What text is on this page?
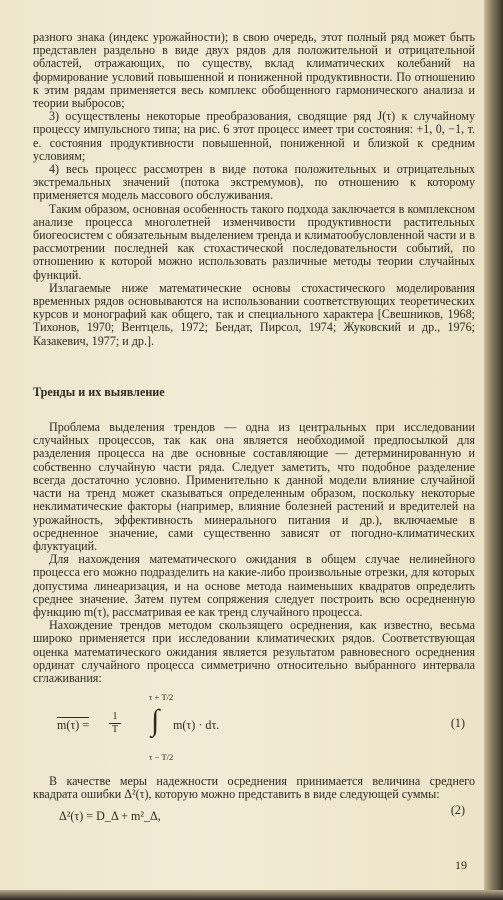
разного знака (индекс урожайности); в свою очередь, этот полный ряд может быть представлен раздельно в виде двух рядов для положительной и отрицательной областей, отражающих, по существу, вклад климатических колебаний на формирование условий повышенной и пониженной продуктивности. По отношению к этим рядам применяется весь комплекс обобщенного гармонического анализа и теории выбросов;

3) осуществлены некоторые преобразования, сводящие ряд J(τ) к случайному процессу импульсного типа; на рис. 6 этот процесс имеет три состояния: +1, 0, −1, т. е. состояния продуктивности повышенной, пониженной и близкой к средним условиям;

4) весь процесс рассмотрен в виде потока положительных и отрицательных экстремальных значений (потока экстремумов), по отношению к которому применяется модель массового обслуживания.

Таким образом, основная особенность такого подхода заключается в комплексном анализе процесса многолетней изменчивости продуктивности растительных биогеосистем с обязательным выделением тренда и климатообусловленной части и в рассмотрении последней как стохастической последовательности событий, по отношению к которой можно использовать различные методы теории случайных функций.

Излагаемые ниже математические основы стохастического моделирования временных рядов основываются на использовании соответствующих теоретических курсов и монографий как общего, так и специального характера [Свешников, 1968; Тихонов, 1970; Вентцель, 1972; Бендат, Пирсол, 1974; Жуковский и др., 1976; Казакевич, 1977; и др.].

Тренды и их выявление

Проблема выделения трендов — одна из центральных при исследовании случайных процессов, так как она является необходимой предпосылкой для разделения процесса на две основные составляющие — детерминированную и собственно случайную части ряда. Следует заметить, что подобное разделение всегда достаточно условно. Применительно к данной модели влияние случайной части на тренд может сказываться определенным образом, поскольку некоторые неклиматические факторы (например, влияние болезней растений и вредителей на урожайность, эффективность минерального питания и др.), включаемые в осредненное значение, сами существенно зависят от погодно-климатических флуктуаций.

Для нахождения математического ожидания в общем случае нелинейного процесса его можно подразделить на какие-либо произвольные отрезки, для которых допустима линеаризация, и на основе метода наименьших квадратов определить среднее значение. Затем путем сопряжения следует построить всю осредненную функцию m(τ), рассматривая ее как тренд случайного процесса.

Нахождение трендов методом скользящего осреднения, как известно, весьма широко применяется при исследовании климатических рядов. Соответствующая оценка математического ожидания является результатом равновесного осреднения ординат случайного процесса симметрично относительно выбранного интервала сглаживания:

τ + T/2
$m(\tau) = \frac{1}{T}$ ∫ m(τ) · dτ.
τ − T/2
(1)

В качестве меры надежности осреднения принимается величина среднего квадрата ошибки Δ²(τ), которую можно представить в виде следующей суммы:

Δ²(τ) = D_Δ + m²_Δ,	(2)
19
